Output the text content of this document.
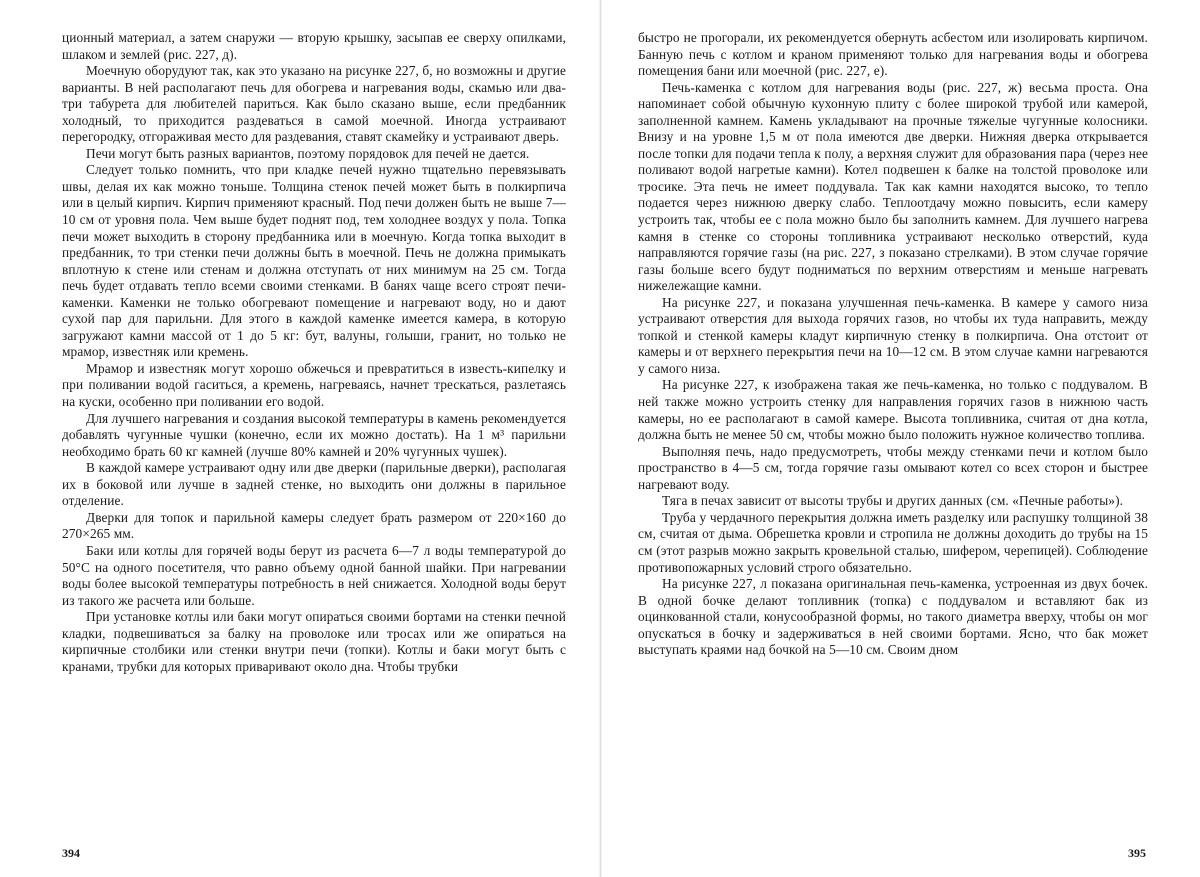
ционный материал, а затем снаружи — вторую крышку, засыпав ее сверху опилками, шлаком и землей (рис. 227, д).

Моечную оборудуют так, как это указано на рисунке 227, б, но возможны и другие варианты. В ней располагают печь для обогрева и нагревания воды, скамью или два-три табурета для любителей париться. Как было сказано выше, если предбанник холодный, то приходится раздеваться в самой моечной. Иногда устраивают перегородку, отгораживая место для раздевания, ставят скамейку и устраивают дверь.

Печи могут быть разных вариантов, поэтому порядовок для печей не дается.

Следует только помнить, что при кладке печей нужно тщательно перевязывать швы, делая их как можно тоньше. Толщина стенок печей может быть в полкирпича или в целый кирпич. Кирпич применяют красный. Под печи должен быть не выше 7—10 см от уровня пола. Чем выше будет поднят под, тем холоднее воздух у пола. Топка печи может выходить в сторону предбанника или в моечную. Когда топка выходит в предбанник, то три стенки печи должны быть в моечной. Печь не должна примыкать вплотную к стене или стенам и должна отступать от них минимум на 25 см. Тогда печь будет отдавать тепло всеми своими стенками. В банях чаще всего строят печи-каменки. Каменки не только обогревают помещение и нагревают воду, но и дают сухой пар для парильни. Для этого в каждой каменке имеется камера, в которую загружают камни массой от 1 до 5 кг: бут, валуны, голыши, гранит, но только не мрамор, известняк или кремень.

Мрамор и известняк могут хорошо обжечься и превратиться в известь-кипелку и при поливании водой гаситься, а кремень, нагреваясь, начнет трескаться, разлетаясь на куски, особенно при поливании его водой.

Для лучшего нагревания и создания высокой температуры в камень рекомендуется добавлять чугунные чушки (конечно, если их можно достать). На 1 м³ парильни необходимо брать 60 кг камней (лучше 80% камней и 20% чугунных чушек).

В каждой камере устраивают одну или две дверки (парильные дверки), располагая их в боковой или лучше в задней стенке, но выходить они должны в парильное отделение.

Дверки для топок и парильной камеры следует брать размером от 220×160 до 270×265 мм.

Баки или котлы для горячей воды берут из расчета 6—7 л воды температурой до 50°С на одного посетителя, что равно объему одной банной шайки. При нагревании воды более высокой температуры потребность в ней снижается. Холодной воды берут из такого же расчета или больше.

При установке котлы или баки могут опираться своими бортами на стенки печной кладки, подвешиваться за балку на проволоке или тросах или же опираться на кирпичные столбики или стенки внутри печи (топки). Котлы и баки могут быть с кранами, трубки для которых приваривают около дна. Чтобы трубки

394

быстро не прогорали, их рекомендуется обернуть асбестом или изолировать кирпичом. Банную печь с котлом и краном применяют только для нагревания воды и обогрева помещения бани или моечной (рис. 227, е).

Печь-каменка с котлом для нагревания воды (рис. 227, ж) весьма проста. Она напоминает собой обычную кухонную плиту с более широкой трубой или камерой, заполненной камнем. Камень укладывают на прочные тяжелые чугунные колосники. Внизу и на уровне 1,5 м от пола имеются две дверки. Нижняя дверка открывается после топки для подачи тепла к полу, а верхняя служит для образования пара (через нее поливают водой нагретые камни). Котел подвешен к балке на толстой проволоке или тросике. Эта печь не имеет поддувала. Так как камни находятся высоко, то тепло подается через нижнюю дверку слабо. Теплоотдачу можно повысить, если камеру устроить так, чтобы ее с пола можно было бы заполнить камнем. Для лучшего нагрева камня в стенке со стороны топливника устраивают несколько отверстий, куда направляются горячие газы (на рис. 227, з показано стрелками). В этом случае горячие газы больше всего будут подниматься по верхним отверстиям и меньше нагревать нижележащие камни.

На рисунке 227, и показана улучшенная печь-каменка. В камере у самого низа устраивают отверстия для выхода горячих газов, но чтобы их туда направить, между топкой и стенкой камеры кладут кирпичную стенку в полкирпича. Она отстоит от камеры и от верхнего перекрытия печи на 10—12 см. В этом случае камни нагреваются у самого низа.

На рисунке 227, к изображена такая же печь-каменка, но только с поддувалом. В ней также можно устроить стенку для направления горячих газов в нижнюю часть камеры, но ее располагают в самой камере. Высота топливника, считая от дна котла, должна быть не менее 50 см, чтобы можно было положить нужное количество топлива.

Выполняя печь, надо предусмотреть, чтобы между стенками печи и котлом было пространство в 4—5 см, тогда горячие газы омывают котел со всех сторон и быстрее нагревают воду.

Тяга в печах зависит от высоты трубы и других данных (см. «Печные работы»).

Труба у чердачного перекрытия должна иметь разделку или распушку толщиной 38 см, считая от дыма. Обрешетка кровли и стропила не должны доходить до трубы на 15 см (этот разрыв можно закрыть кровельной сталью, шифером, черепицей). Соблюдение противопожарных условий строго обязательно.

На рисунке 227, л показана оригинальная печь-каменка, устроенная из двух бочек. В одной бочке делают топливник (топка) с поддувалом и вставляют бак из оцинкованной стали, конусообразной формы, но такого диаметра вверху, чтобы он мог опускаться в бочку и задерживаться в ней своими бортами. Ясно, что бак может выступать краями над бочкой на 5—10 см. Своим дном

395
